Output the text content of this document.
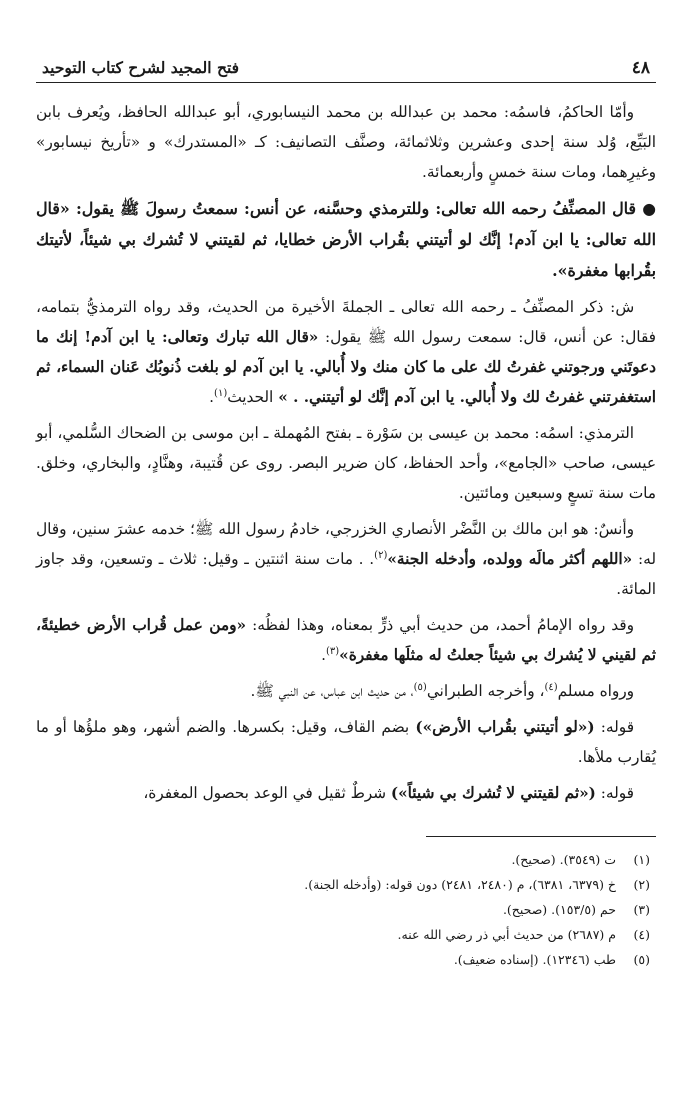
٤٨
فتح المجيد لشرح كتاب التوحيد

وأمّا الحاكمُ، فاسمُه: محمد بن عبدالله بن محمد النيسابوري، أبو عبدالله الحافظ، ويُعرف بابن البَيِّع، وُلد سنة إحدى وعشرين وثلاثمائة، وصنَّف التصانيف: كـ «المستدرك» و «تأريخ نيسابور» وغيرِهما، ومات سنة خمسٍ وأربعمائة.

● قال المصنِّفُ رحمه الله تعالى: وللترمذي وحسَّنه، عن أنس: سمعتُ رسولَ ﷺ يقول: «قال الله تعالى: يا ابن آدم! إنَّك لو أتيتني بقُراب الأرض خطايا، ثم لقيتني لا تُشرك بي شيئاً، لأتيتك بقُرابها مغفرة».

ش: ذكر المصنِّفُ ـ رحمه الله تعالى ـ الجملةَ الأخيرة من الحديث، وقد رواه الترمذيُّ بتمامه، فقال: عن أنس، قال: سمعت رسول الله ﷺ يقول: «قال الله تبارك وتعالى: يا ابن آدم! إنك ما دعوتَني ورجوتني غفرتُ لك على ما كان منك ولا أُبالي. يا ابن آدم لو بلغت ذُنوبُك عَنان السماء، ثم استغفرتني غفرتُ لك ولا أُبالي. يا ابن آدم إنَّك لو أتيتني. . » الحديث$^{(١)}$.

الترمذي: اسمُه: محمد بن عيسى بن سَوْرة ـ بفتح المُهملة ـ ابن موسى بن الضحاك السُّلمي، أبو عيسى، صاحب «الجامع»، وأحد الحفاظ، كان ضرير البصر. روى عن قُتيبة، وهنَّادٍ، والبخاري، وخلق. مات سنة تسعٍ وسبعين ومائتين.

وأنسٌ: هو ابن مالك بن النَّضْر الأنصاري الخزرجي، خادمُ رسول الله ﷺ؛ خدمه عشرَ سنين، وقال له: «اللهم أكثر مالَه وولده، وأدخله الجنة»$^{(٢)}$. . مات سنة اثنتين ـ وقيل: ثلاث ـ وتسعين، وقد جاوز المائة.

وقد رواه الإمامُ أحمد، من حديث أبي ذرٍّ بمعناه، وهذا لفظُه: «ومن عمل قُراب الأرض خطيئةً، ثم لقيني لا يُشرك بي شيئاً جعلتُ له مثلَها مغفرة»$^{(٣)}$.

ورواه مسلم$^{(٤)}$، وأخرجه الطبراني$^{(٥)}$، من حديث ابن عباس، عن النبي ﷺ.

قوله: («لو أتيتني بقُراب الأرض») بضم القاف، وقيل: بكسرها. والضم أشهر، وهو ملؤُها أو ما يُقارب ملأها.

قوله: («ثم لقيتني لا تُشرك بي شيئاً») شرطٌ ثقيل في الوعد بحصول المغفرة،

(١)ت (٣٥٤٩). (صحيح).
(٢)خ (٦٣٧٩، ٦٣٨١)، م (٢٤٨٠، ٢٤٨١) دون قوله: (وأدخله الجنة).
(٣)حم (١٥٣/٥). (صحيح).
(٤)م (٢٦٨٧) من حديث أبي ذر رضي الله عنه.
(٥)طب (١٢٣٤٦). (إسناده ضعيف).
